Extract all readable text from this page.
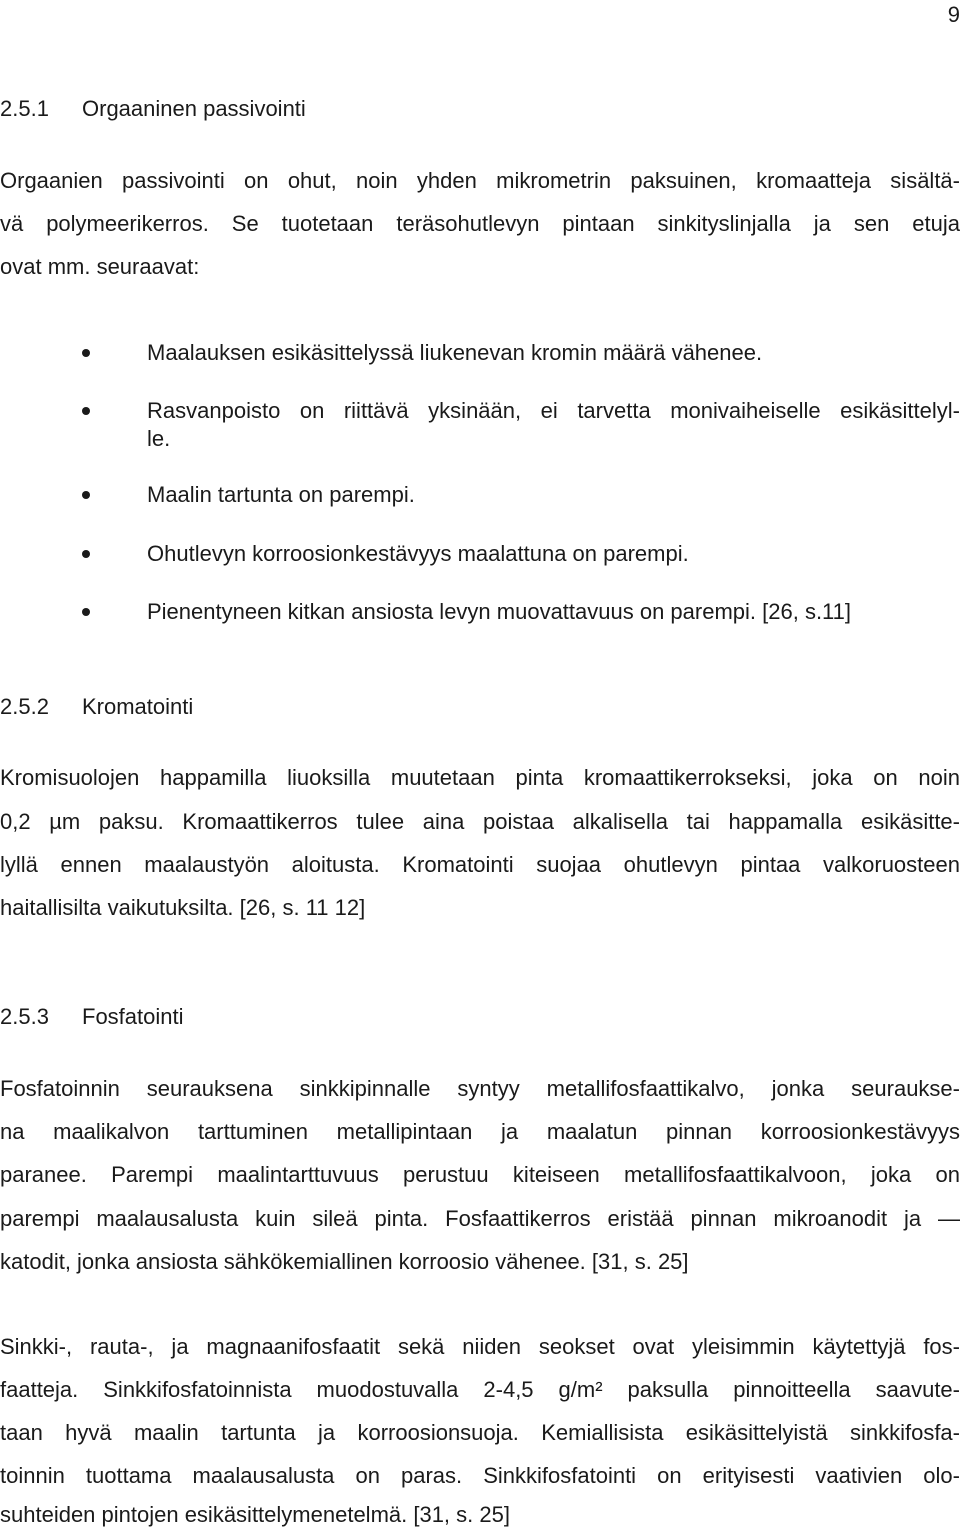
9
2.5.1 Orgaaninen passivointi
Orgaanien passivointi on ohut, noin yhden mikrometrin paksuinen, kromaatteja sisältä-
vä polymeerikerros. Se tuotetaan teräsohutlevyn pintaan sinkityslinjalla ja sen etuja
ovat mm. seuraavat:
Maalauksen esikäsittelyssä liukenevan kromin määrä vähenee.
Rasvanpoisto on riittävä yksinään, ei tarvetta monivaiheiselle esikäsittelyl-
le.
Maalin tartunta on parempi.
Ohutlevyn korroosionkestävyys maalattuna on parempi.
Pienentyneen kitkan ansiosta levyn muovattavuus on parempi. [26, s.11]
2.5.2 Kromatointi
Kromisuolojen happamilla liuoksilla muutetaan pinta kromaattikerrokseksi, joka on noin
0,2 µm paksu. Kromaattikerros tulee aina poistaa alkalisella tai happamalla esikäsitte-
lyllä ennen maalaustyön aloitusta. Kromatointi suojaa ohutlevyn pintaa valkoruosteen
haitallisilta vaikutuksilta. [26, s. 11 12]
2.5.3 Fosfatointi
Fosfatoinnin seurauksena sinkkipinnalle syntyy metallifosfaattikalvo, jonka seuraukse-
na maalikalvon tarttuminen metallipintaan ja maalatun pinnan korroosionkestävyys
paranee. Parempi maalintarttuvuus perustuu kiteiseen metallifosfaattikalvoon, joka on
parempi maalausalusta kuin sileä pinta. Fosfaattikerros eristää pinnan mikroanodit ja —
katodit, jonka ansiosta sähkökemiallinen korroosio vähenee. [31, s. 25]
Sinkki-, rauta-, ja magnaanifosfaatit sekä niiden seokset ovat yleisimmin käytettyjä fos-
faatteja. Sinkkifosfatoinnista muodostuvalla 2-4,5 g/m² paksulla pinnoitteella saavute-
taan hyvä maalin tartunta ja korroosionsuoja. Kemiallisista esikäsittelyistä sinkkifosfa-
toinnin tuottama maalausalusta on paras. Sinkkifosfatointi on erityisesti vaativien olo-
suhteiden pintojen esikäsittelymenetelmä. [31, s. 25]
